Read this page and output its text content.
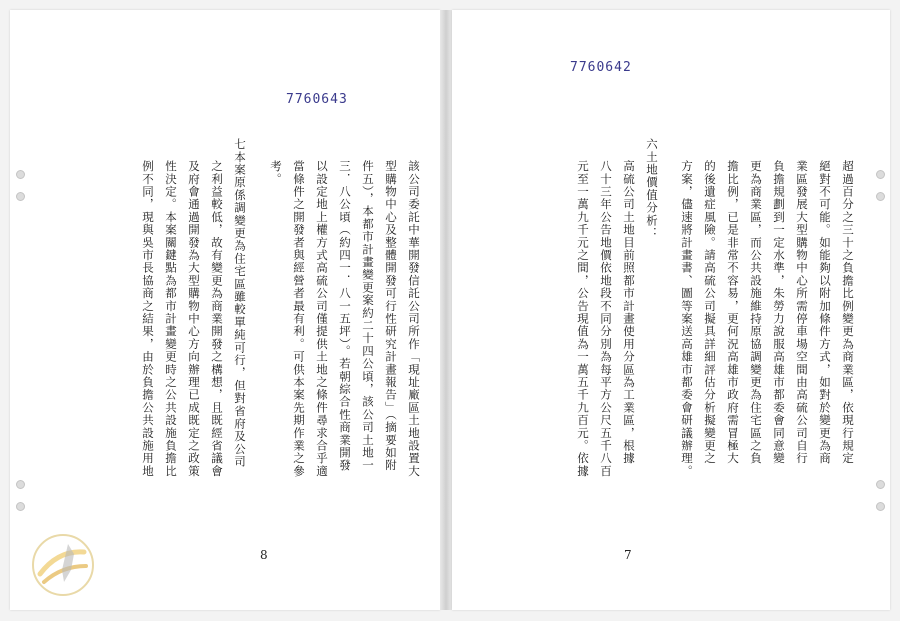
7760643
該公司委託中華開發信託公司所作「現址廠區土地設置大
型購物中心及整體開發可行性研究計畫報告」（摘要如附
件五），本都市計畫變更案約二十四公頃，該公司土地一
三．八公頃（約四一．八一五坪）。若朝綜合性商業開發
以設定地上權方式高硫公司僅提供土地之條件尋求合乎適
當條件之開發者與經營者最有利。可供本案先期作業之參
考。
七本案原係調變更為住宅區雖較單純可行，但對省府及公司
之利益較低，故有變更為商業開發之構想，且既經省議會
及府會通過開發為大型購物中心方向辦理已成既定之政策
性決定。本案關鍵點為都市計畫變更時之公共設施負擔比
例不同，現與吳市長協商之結果，由於負擔公共設施用地
8
7760642
超過百分之三十之負擔比例變更為商業區，依現行規定
絕對不可能。如能夠以附加條件方式，如對於變更為商
業區發展大型購物中心所需停車場空間由高硫公司自行
負擔規劃到一定水準，朱勞力說服高雄市都委會同意變
更為商業區，而公共設施維持原協調變更為住宅區之負
擔比例，已是非常不容易，更何況高雄市政府需冒極大
的後遺症風險。請高硫公司擬具詳細評估分析擬變更之
方案，儘速將計畫書、圖等案送高雄市都委會研議辦理。
六土地價值分析：
高硫公司土地目前照都市計畫使用分區為工業區，根據
八十三年公告地價依地段不同分別為每平方公尺五千八百
元至一萬九千元之間，公告現值為一萬五千九百元。依據
7
